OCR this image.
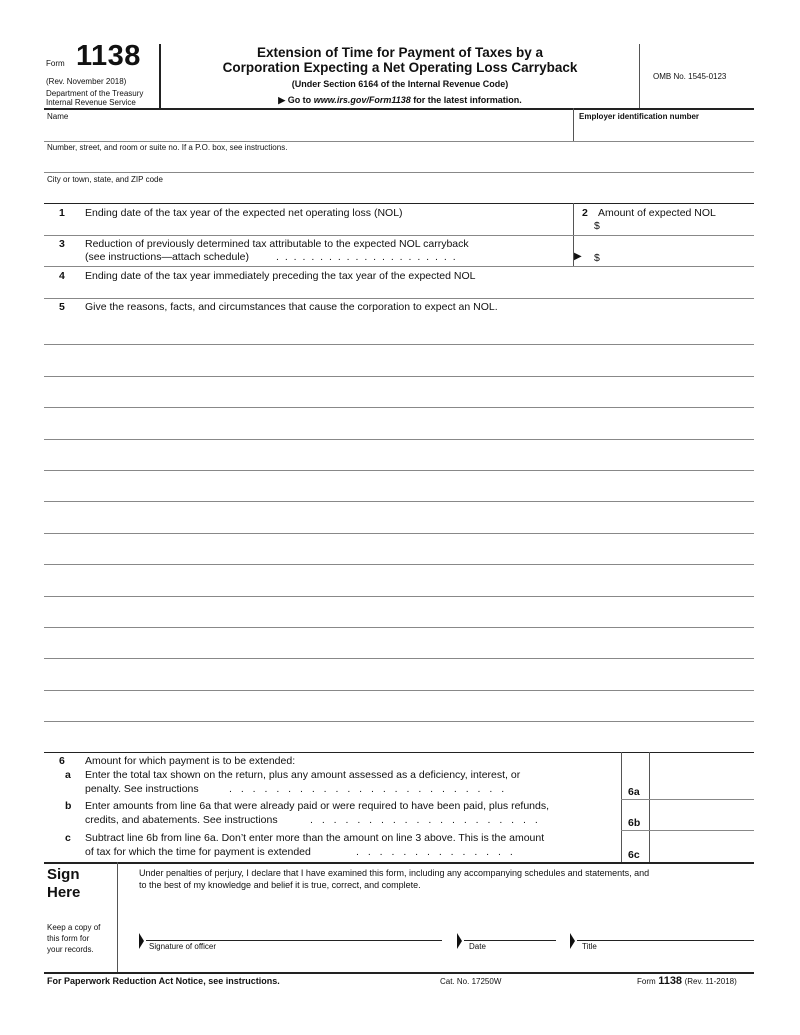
Form 1138
(Rev. November 2018)
Department of the Treasury
Internal Revenue Service
Extension of Time for Payment of Taxes by a
Corporation Expecting a Net Operating Loss Carryback
(Under Section 6164 of the Internal Revenue Code)
▶ Go to www.irs.gov/Form1138 for the latest information.
OMB No. 1545-0123
Name	Employer identification number
Number, street, and room or suite no. If a P.O. box, see instructions.
City or town, state, and ZIP code
1 Ending date of the tax year of the expected net operating loss (NOL)	2 Amount of expected NOL
$
3 Reduction of previously determined tax attributable to the expected NOL carryback
(see instructions—attach schedule)	. . . . . . . . . . . . . . . . . . . . .	▶ $
4 Ending date of the tax year immediately preceding the tax year of the expected NOL
5 Give the reasons, facts, and circumstances that cause the corporation to expect an NOL.
6 Amount for which payment is to be extended:
a Enter the total tax shown on the return, plus any amount assessed as a deficiency, interest, or
penalty. See instructions	. . . . . . . . . . . . . . . . . . . . . . . .	6a
b Enter amounts from line 6a that were already paid or were required to have been paid, plus refunds,
credits, and abatements. See instructions	. . . . . . . . . . . . . . . . . . . .	6b
c Subtract line 6b from line 6a. Don’t enter more than the amount on line 3 above. This is the amount
of tax for which the time for payment is extended	. . . . . . . . . . . . . .	6c
Sign
Here
Under penalties of perjury, I declare that I have examined this form, including any accompanying schedules and statements, and
to the best of my knowledge and belief it is true, correct, and complete.
Keep a copy of
this form for
your records.	Signature of officer	Date	Title
For Paperwork Reduction Act Notice, see instructions.	Cat. No. 17250W	Form 1138 (Rev. 11-2018)
